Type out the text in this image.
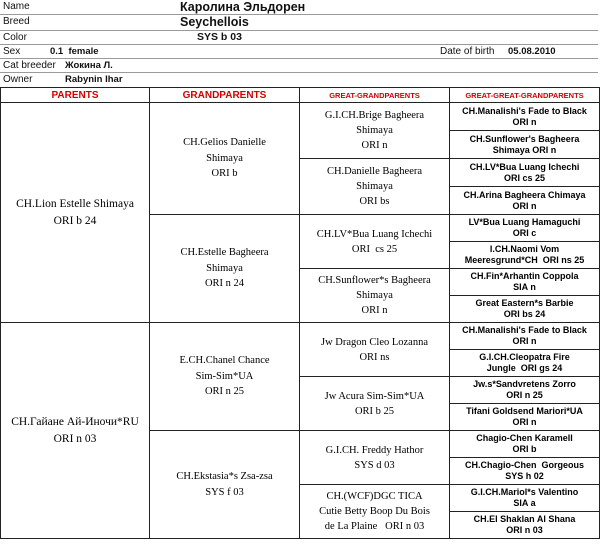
Name	Каролина Эльдорен
Breed	Seychellois
Color	SYS b 03
Sex	0.1  female	Date of birth 05.08.2010
Cat breeder Жокина Л.
Owner	Rabynin Ihar
PARENTS	GRANDPARENTS	GREAT-GRANDPARENTS	GREAT-GREAT-GRANDPARENTS

CH.Lion Estelle Shimaya
ORI b 24	CH.Gelios Danielle
Shimaya
ORI b	G.I.CH.Brige Bagheera
Shimaya
ORI n	CH.Manalishi's Fade to Black
ORI n

			CH.Sunflower's Bagheera
Shimaya ORI n

		CH.Danielle Bagheera
Shimaya
ORI bs	CH.LV*Bua Luang Ichechi
ORI cs 25

			CH.Arina Bagheera Chimaya
ORI n

	CH.Estelle Bagheera
Shimaya
ORI n 24	CH.LV*Bua Luang Ichechi
ORI  cs 25	LV*Bua Luang Hamaguchi
ORI c

			I.CH.Naomi Vom
Meeresgrund*CH  ORI ns 25

		CH.Sunflower*s Bagheera
Shimaya
ORI n	CH.Fin*Arhantin Coppola
SIA n

			Great Eastern*s Barbie
ORI bs 24

CH.Гайане Ай-Иночи*RU
ORI n 03	E.CH.Chanel Chance
Sim-Sim*UA
ORI n 25	Jw Dragon Cleo Lozanna
ORI ns	CH.Manalishi's Fade to Black
ORI n

			G.I.CH.Cleopatra Fire
Jungle  ORI gs 24

		Jw Acura Sim-Sim*UA
ORI b 25	Jw.s*Sandvretens Zorro
ORI n 25

			Tifani Goldsend Mariori*UA
ORI n

	CH.Ekstasia*s Zsa-zsa
SYS f 03	G.I.CH. Freddy Hathor
SYS d 03	Chagio-Chen Karamell
ORI b

			CH.Chagio-Chen  Gorgeous
SYS h 02

		CH.(WCF)DGC TICA
Cutie Betty Boop Du Bois
de La Plaine   ORI n 03	G.I.CH.Mariol*s Valentino
SIA a

			CH.El Shaklan Al Shana
ORI n 03
